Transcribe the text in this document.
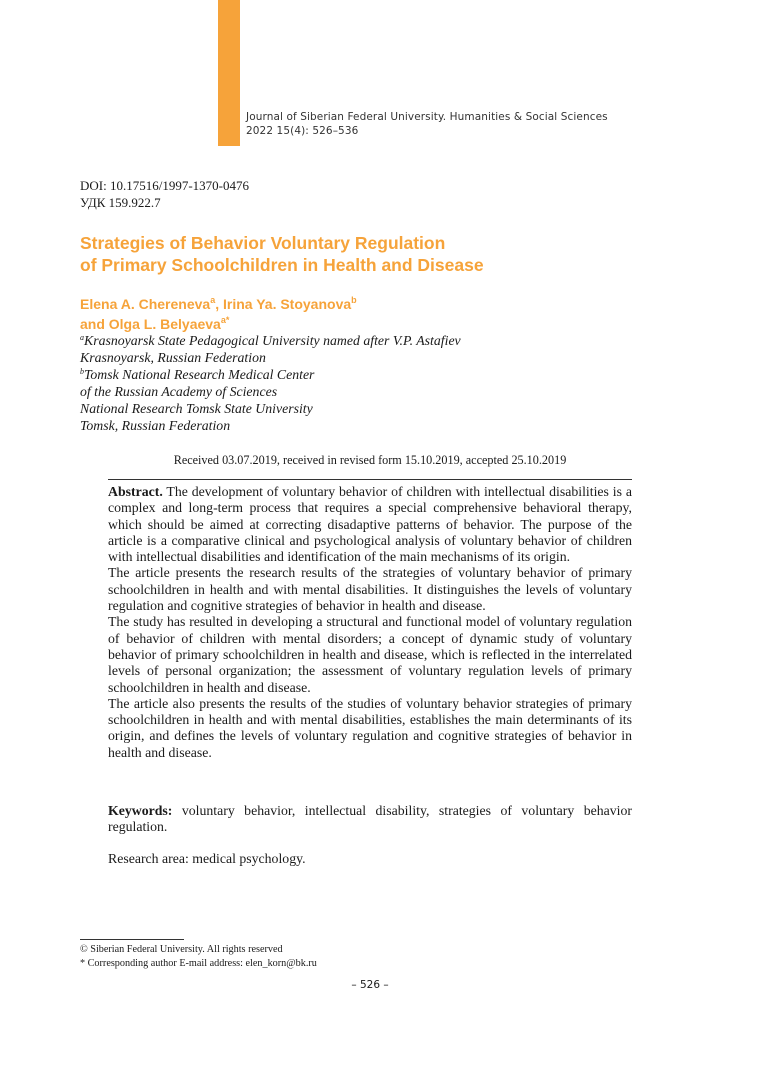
Journal of Siberian Federal University. Humanities & Social Sciences
2022 15(4): 526–536
DOI: 10.17516/1997-1370-0476
УДК 159.922.7
Strategies of Behavior Voluntary Regulation
of Primary Schoolchildren in Health and Disease
Elena A. Chereneva$^a$, Irina Ya. Stoyanova$^b$
and Olga L. Belyaeva$^{a*}$
$^a$Krasnoyarsk State Pedagogical University named after V.P. Astafiev
Krasnoyarsk, Russian Federation
$^b$Tomsk National Research Medical Center
of the Russian Academy of Sciences
National Research Tomsk State University
Tomsk, Russian Federation
Received 03.07.2019, received in revised form 15.10.2019, accepted 25.10.2019

Abstract. The development of voluntary behavior of children with intellectual disabilities is a complex and long-term process that requires a special comprehensive behavioral therapy, which should be aimed at correcting disadaptive patterns of behavior. The purpose of the article is a comparative clinical and psychological analysis of voluntary behavior of children with intellectual disabilities and identification of the main mechanisms of its origin.

The article presents the research results of the strategies of voluntary behavior of primary schoolchildren in health and with mental disabilities. It distinguishes the levels of voluntary regulation and cognitive strategies of behavior in health and disease.

The study has resulted in developing a structural and functional model of voluntary regulation of behavior of children with mental disorders; a concept of dynamic study of voluntary behavior of primary schoolchildren in health and disease, which is reflected in the interrelated levels of personal organization; the assessment of voluntary regulation levels of primary schoolchildren in health and disease.

The article also presents the results of the studies of voluntary behavior strategies of primary schoolchildren in health and with mental disabilities, establishes the main determinants of its origin, and defines the levels of voluntary regulation and cognitive strategies of behavior in health and disease.

Keywords: voluntary behavior, intellectual disability, strategies of voluntary behavior regulation.
Research area: medical psychology.
© Siberian Federal University. All rights reserved
* Corresponding author E-mail address: elen_korn@bk.ru
– 526 –
